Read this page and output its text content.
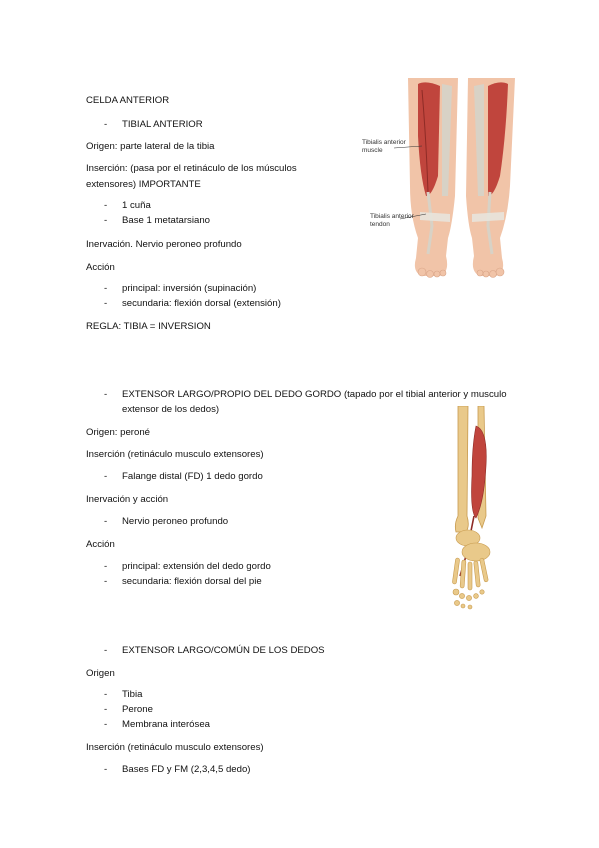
CELDA ANTERIOR
-	TIBIAL ANTERIOR
Origen: parte lateral de la tibia
Inserción: (pasa por el retináculo de los músculos
extensores) IMPORTANTE
-	1 cuña
-	Base 1 metatarsiano
Inervación. Nervio peroneo profundo
Acción
-	principal: inversión (supinación)
-	secundaria: flexión dorsal (extensión)
REGLA: TIBIA = INVERSION
Tibialis anterior
muscle
Tibialis anterior
tendon
-	EXTENSOR LARGO/PROPIO DEL DEDO GORDO (tapado por el tibial anterior y musculo
extensor de los dedos)
Origen: peroné
Inserción (retináculo musculo extensores)
-	Falange distal (FD) 1 dedo gordo
Inervación y acción
-	Nervio peroneo profundo
Acción
-	principal: extensión del dedo gordo
-	secundaria: flexión dorsal del pie
-	EXTENSOR LARGO/COMÚN DE LOS DEDOS
Origen
-	Tibia
-	Perone
-	Membrana interósea
Inserción (retináculo musculo extensores)
-	Bases FD y FM (2,3,4,5 dedo)
